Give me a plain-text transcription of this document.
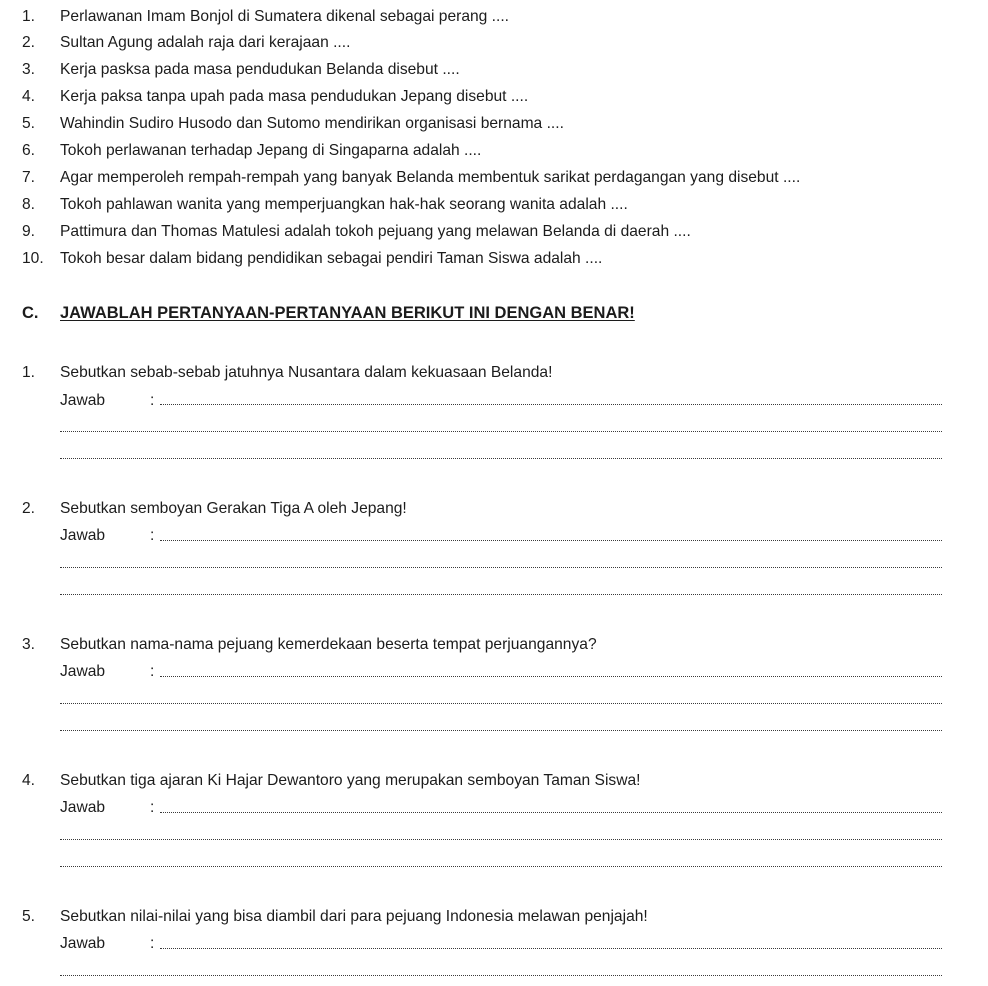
1. Perlawanan Imam Bonjol di Sumatera dikenal sebagai perang ....
2. Sultan Agung adalah raja dari kerajaan ....
3. Kerja pasksa pada masa pendudukan Belanda disebut ....
4. Kerja paksa tanpa upah pada masa pendudukan Jepang disebut ....
5. Wahindin Sudiro Husodo dan Sutomo mendirikan organisasi bernama ....
6. Tokoh perlawanan terhadap Jepang di Singaparna adalah ....
7. Agar memperoleh rempah-rempah yang banyak Belanda membentuk sarikat perdagangan yang disebut ....
8. Tokoh pahlawan wanita yang memperjuangkan hak-hak seorang wanita adalah ....
9. Pattimura dan Thomas Matulesi adalah tokoh pejuang yang melawan Belanda di daerah ....
10. Tokoh besar dalam bidang pendidikan sebagai pendiri Taman Siswa adalah ....
C. JAWABLAH PERTANYAAN-PERTANYAAN BERIKUT INI DENGAN BENAR!
1. Sebutkan sebab-sebab jatuhnya Nusantara dalam kekuasaan Belanda!
Jawab	:
2. Sebutkan semboyan Gerakan Tiga A oleh Jepang!
Jawab	:
3. Sebutkan nama-nama pejuang kemerdekaan beserta tempat perjuangannya?
Jawab	:
4. Sebutkan tiga ajaran Ki Hajar Dewantoro yang merupakan semboyan Taman Siswa!
Jawab	:
5. Sebutkan nilai-nilai yang bisa diambil dari para pejuang Indonesia melawan penjajah!
Jawab	:
